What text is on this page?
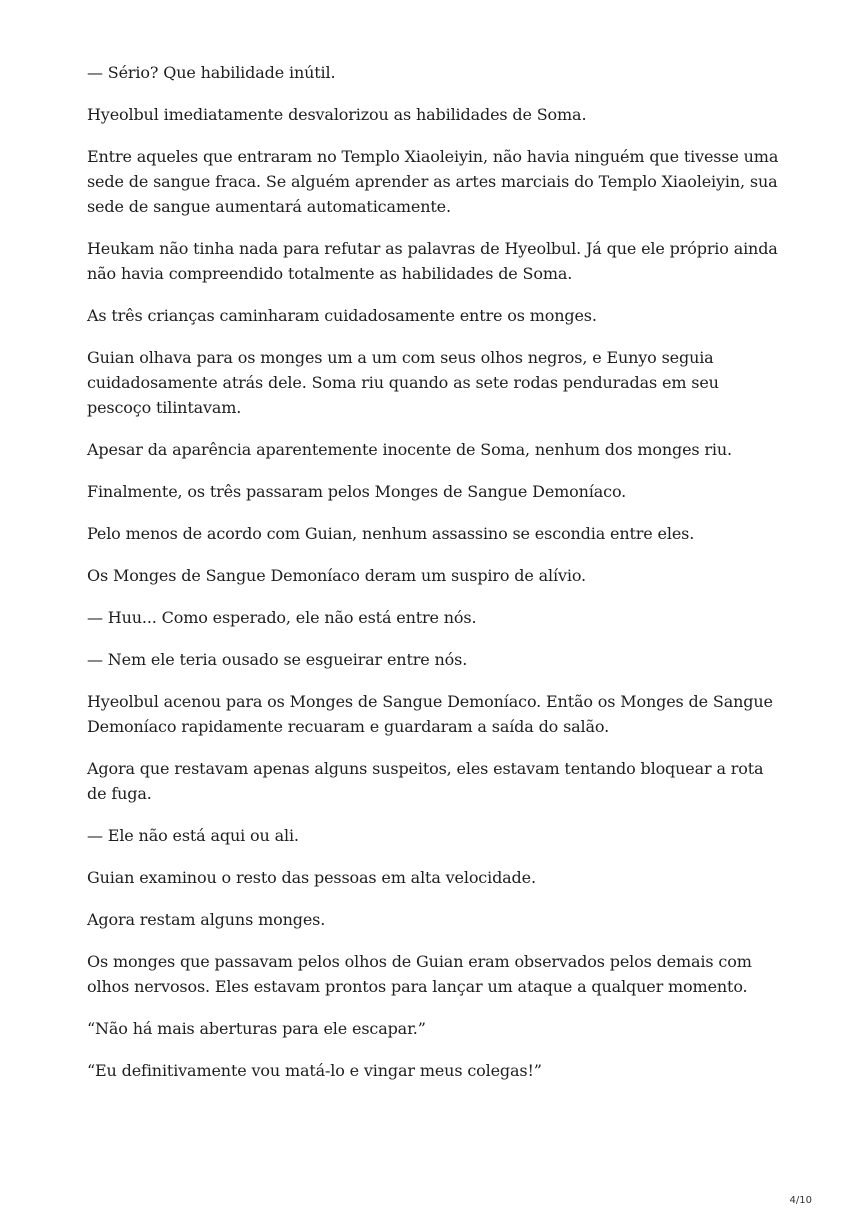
— Sério? Que habilidade inútil.

Hyeolbul imediatamente desvalorizou as habilidades de Soma.

Entre aqueles que entraram no Templo Xiaoleiyin, não havia ninguém que tivesse uma sede de sangue fraca. Se alguém aprender as artes marciais do Templo Xiaoleiyin, sua sede de sangue aumentará automaticamente.

Heukam não tinha nada para refutar as palavras de Hyeolbul. Já que ele próprio ainda não havia compreendido totalmente as habilidades de Soma.

As três crianças caminharam cuidadosamente entre os monges.

Guian olhava para os monges um a um com seus olhos negros, e Eunyo seguia cuidadosamente atrás dele. Soma riu quando as sete rodas penduradas em seu pescoço tilintavam.

Apesar da aparência aparentemente inocente de Soma, nenhum dos monges riu.

Finalmente, os três passaram pelos Monges de Sangue Demoníaco.

Pelo menos de acordo com Guian, nenhum assassino se escondia entre eles.

Os Monges de Sangue Demoníaco deram um suspiro de alívio.

— Huu... Como esperado, ele não está entre nós.

— Nem ele teria ousado se esgueirar entre nós.

Hyeolbul acenou para os Monges de Sangue Demoníaco. Então os Monges de Sangue Demoníaco rapidamente recuaram e guardaram a saída do salão.

Agora que restavam apenas alguns suspeitos, eles estavam tentando bloquear a rota de fuga.

— Ele não está aqui ou ali.

Guian examinou o resto das pessoas em alta velocidade.

Agora restam alguns monges.

Os monges que passavam pelos olhos de Guian eram observados pelos demais com olhos nervosos. Eles estavam prontos para lançar um ataque a qualquer momento.

“Não há mais aberturas para ele escapar.”

“Eu definitivamente vou matá-lo e vingar meus colegas!”

4/10
